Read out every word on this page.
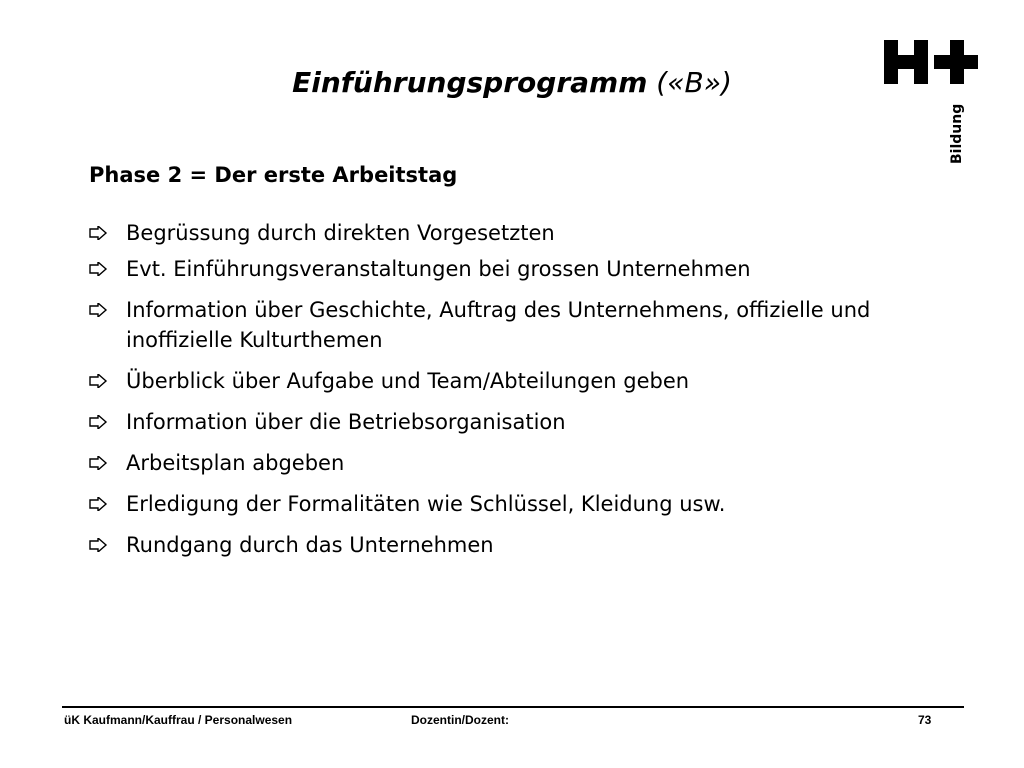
Einführungsprogramm («B»)
Bildung
Phase 2 = Der erste Arbeitstag
Begrüssung durch direkten Vorgesetzten
Evt. Einführungsveranstaltungen bei grossen Unternehmen
Information über Geschichte, Auftrag des Unternehmens, offizielle und inoffizielle Kulturthemen
Überblick über Aufgabe und Team/Abteilungen geben
Information über die Betriebsorganisation
Arbeitsplan abgeben
Erledigung der Formalitäten wie Schlüssel, Kleidung usw.
Rundgang durch das Unternehmen
üK Kaufmann/Kauffrau / Personalwesen	Dozentin/Dozent:	73
